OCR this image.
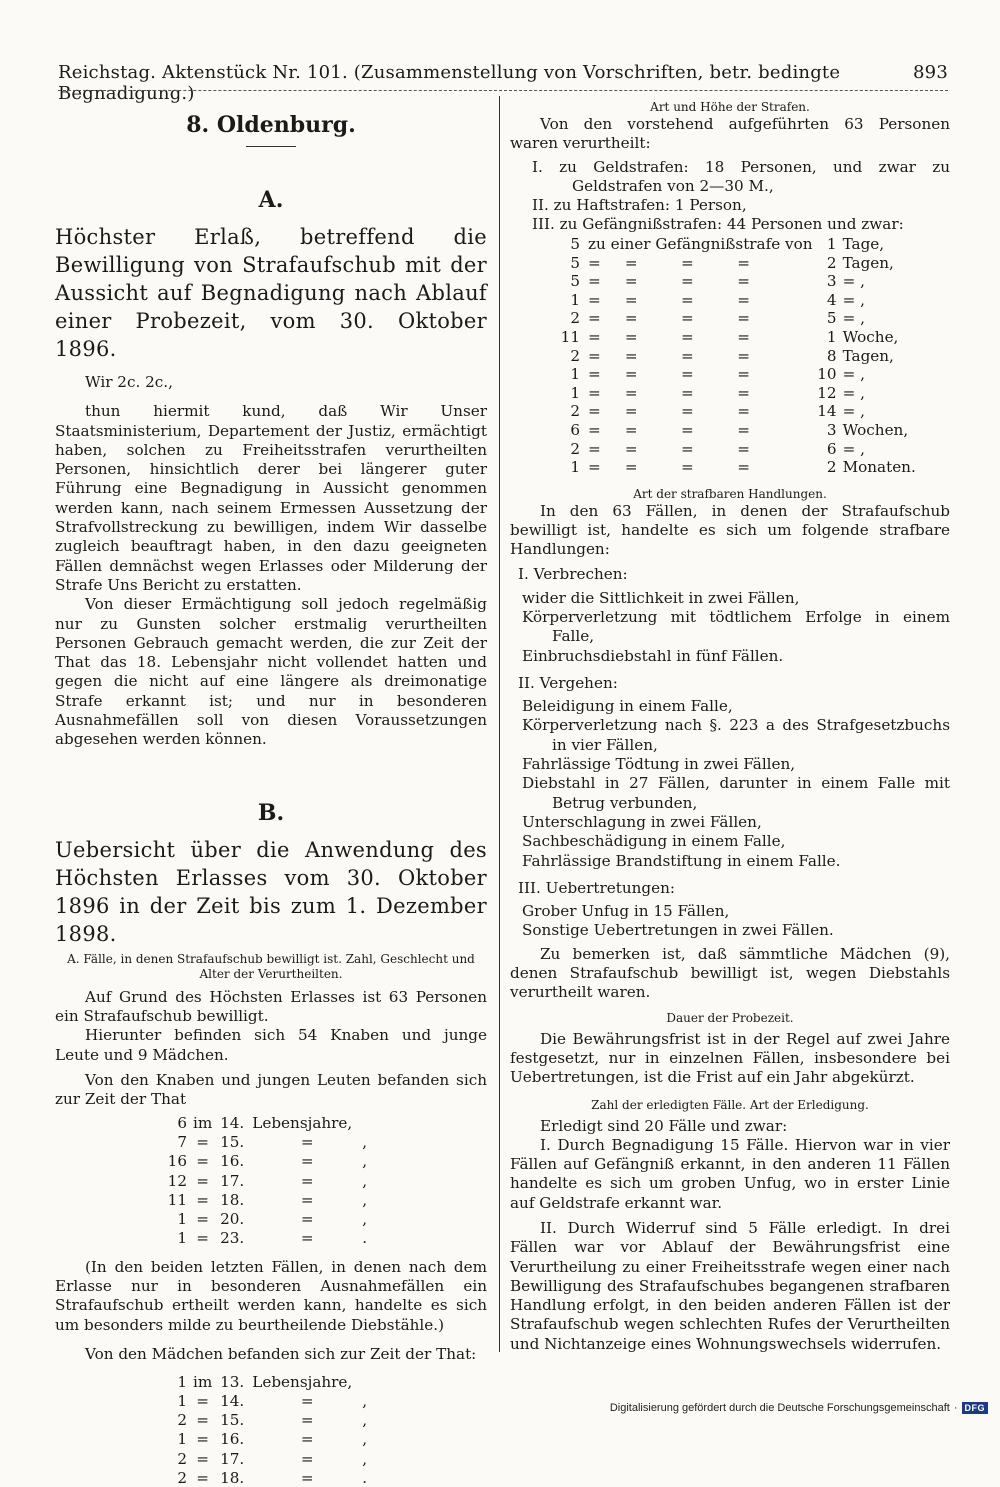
Reichstag. Aktenstück Nr. 101. (Zusammenstellung von Vorschriften, betr. bedingte Begnadigung.)
893
8. Oldenburg.
A.
Höchster Erlaß, betreffend die Bewilligung von Strafaufschub mit der Aussicht auf Begnadigung nach Ablauf einer Probezeit, vom 30. Oktober 1896.

Wir 2c. 2c.,

thun hiermit kund, daß Wir Unser Staatsministerium, Departement der Justiz, ermächtigt haben, solchen zu Freiheitsstrafen verurtheilten Personen, hinsichtlich derer bei längerer guter Führung eine Begnadigung in Aussicht genommen werden kann, nach seinem Ermessen Aussetzung der Strafvollstreckung zu bewilligen, indem Wir dasselbe zugleich beauftragt haben, in den dazu geeigneten Fällen demnächst wegen Erlasses oder Milderung der Strafe Uns Bericht zu erstatten.

Von dieser Ermächtigung soll jedoch regelmäßig nur zu Gunsten solcher erstmalig verurtheilten Personen Gebrauch gemacht werden, die zur Zeit der That das 18. Lebensjahr nicht vollendet hatten und gegen die nicht auf eine längere als dreimonatige Strafe erkannt ist; und nur in besonderen Ausnahmefällen soll von diesen Voraussetzungen abgesehen werden können.

B.
Uebersicht über die Anwendung des Höchsten Erlasses vom 30. Oktober 1896 in der Zeit bis zum 1. Dezember 1898.

A. Fälle, in denen Strafaufschub bewilligt ist. Zahl, Geschlecht und Alter der Verurtheilten.

Auf Grund des Höchsten Erlasses ist 63 Personen ein Strafaufschub bewilligt.

Hierunter befinden sich 54 Knaben und junge Leute und 9 Mädchen.

Von den Knaben und jungen Leuten befanden sich zur Zeit der That

6	im	14.	Lebensjahre,	
7	=	15.	=	,
16	=	16.	=	,
12	=	17.	=	,
11	=	18.	=	,
1	=	20.	=	,
1	=	23.	=	.

(In den beiden letzten Fällen, in denen nach dem Erlasse nur in besonderen Ausnahmefällen ein Strafaufschub ertheilt werden kann, handelte es sich um besonders milde zu beurtheilende Diebstähle.)

Von den Mädchen befanden sich zur Zeit der That:

1	im	13.	Lebensjahre,	
1	=	14.	=	,
2	=	15.	=	,
1	=	16.	=	,
2	=	17.	=	,
2	=	18.	=	.

Art und Höhe der Strafen.

Von den vorstehend aufgeführten 63 Personen waren verurtheilt:

I. zu Geldstrafen: 18 Personen, und zwar zu Geldstrafen von 2—30 M.,

II. zu Haftstrafen: 1 Person,

III. zu Gefängnißstrafen: 44 Personen und zwar:

5	zu einer Gefängnißstrafe von	1	Tage,
5	=     =         =         =	2	Tagen,
5	=     =         =         =	3	= ,
1	=     =         =         =	4	= ,
2	=     =         =         =	5	= ,
11	=     =         =         =	1	Woche,
2	=     =         =         =	8	Tagen,
1	=     =         =         =	10	= ,
1	=     =         =         =	12	= ,
2	=     =         =         =	14	= ,
6	=     =         =         =	3	Wochen,
2	=     =         =         =	6	= ,
1	=     =         =         =	2	Monaten.

Art der strafbaren Handlungen.

In den 63 Fällen, in denen der Strafaufschub bewilligt ist, handelte es sich um folgende strafbare Handlungen:

I. Verbrechen:

wider die Sittlichkeit in zwei Fällen,

Körperverletzung mit tödtlichem Erfolge in einem Falle,

Einbruchsdiebstahl in fünf Fällen.

II. Vergehen:

Beleidigung in einem Falle,

Körperverletzung nach §. 223 a des Strafgesetzbuchs in vier Fällen,

Fahrlässige Tödtung in zwei Fällen,

Diebstahl in 27 Fällen, darunter in einem Falle mit Betrug verbunden,

Unterschlagung in zwei Fällen,

Sachbeschädigung in einem Falle,

Fahrlässige Brandstiftung in einem Falle.

III. Uebertretungen:

Grober Unfug in 15 Fällen,

Sonstige Uebertretungen in zwei Fällen.

Zu bemerken ist, daß sämmtliche Mädchen (9), denen Strafaufschub bewilligt ist, wegen Diebstahls verurtheilt waren.

Dauer der Probezeit.

Die Bewährungsfrist ist in der Regel auf zwei Jahre festgesetzt, nur in einzelnen Fällen, insbesondere bei Uebertretungen, ist die Frist auf ein Jahr abgekürzt.

Zahl der erledigten Fälle. Art der Erledigung.

Erledigt sind 20 Fälle und zwar:

I. Durch Begnadigung 15 Fälle. Hiervon war in vier Fällen auf Gefängniß erkannt, in den anderen 11 Fällen handelte es sich um groben Unfug, wo in erster Linie auf Geldstrafe erkannt war.

II. Durch Widerruf sind 5 Fälle erledigt. In drei Fällen war vor Ablauf der Bewährungsfrist eine Verurtheilung zu einer Freiheitsstrafe wegen einer nach Bewilligung des Strafaufschubes begangenen strafbaren Handlung erfolgt, in den beiden anderen Fällen ist der Strafaufschub wegen schlechten Rufes der Verurtheilten und Nichtanzeige eines Wohnungswechsels widerrufen.

Digitalisierung gefördert durch die Deutsche Forschungsgemeinschaft · DFG
